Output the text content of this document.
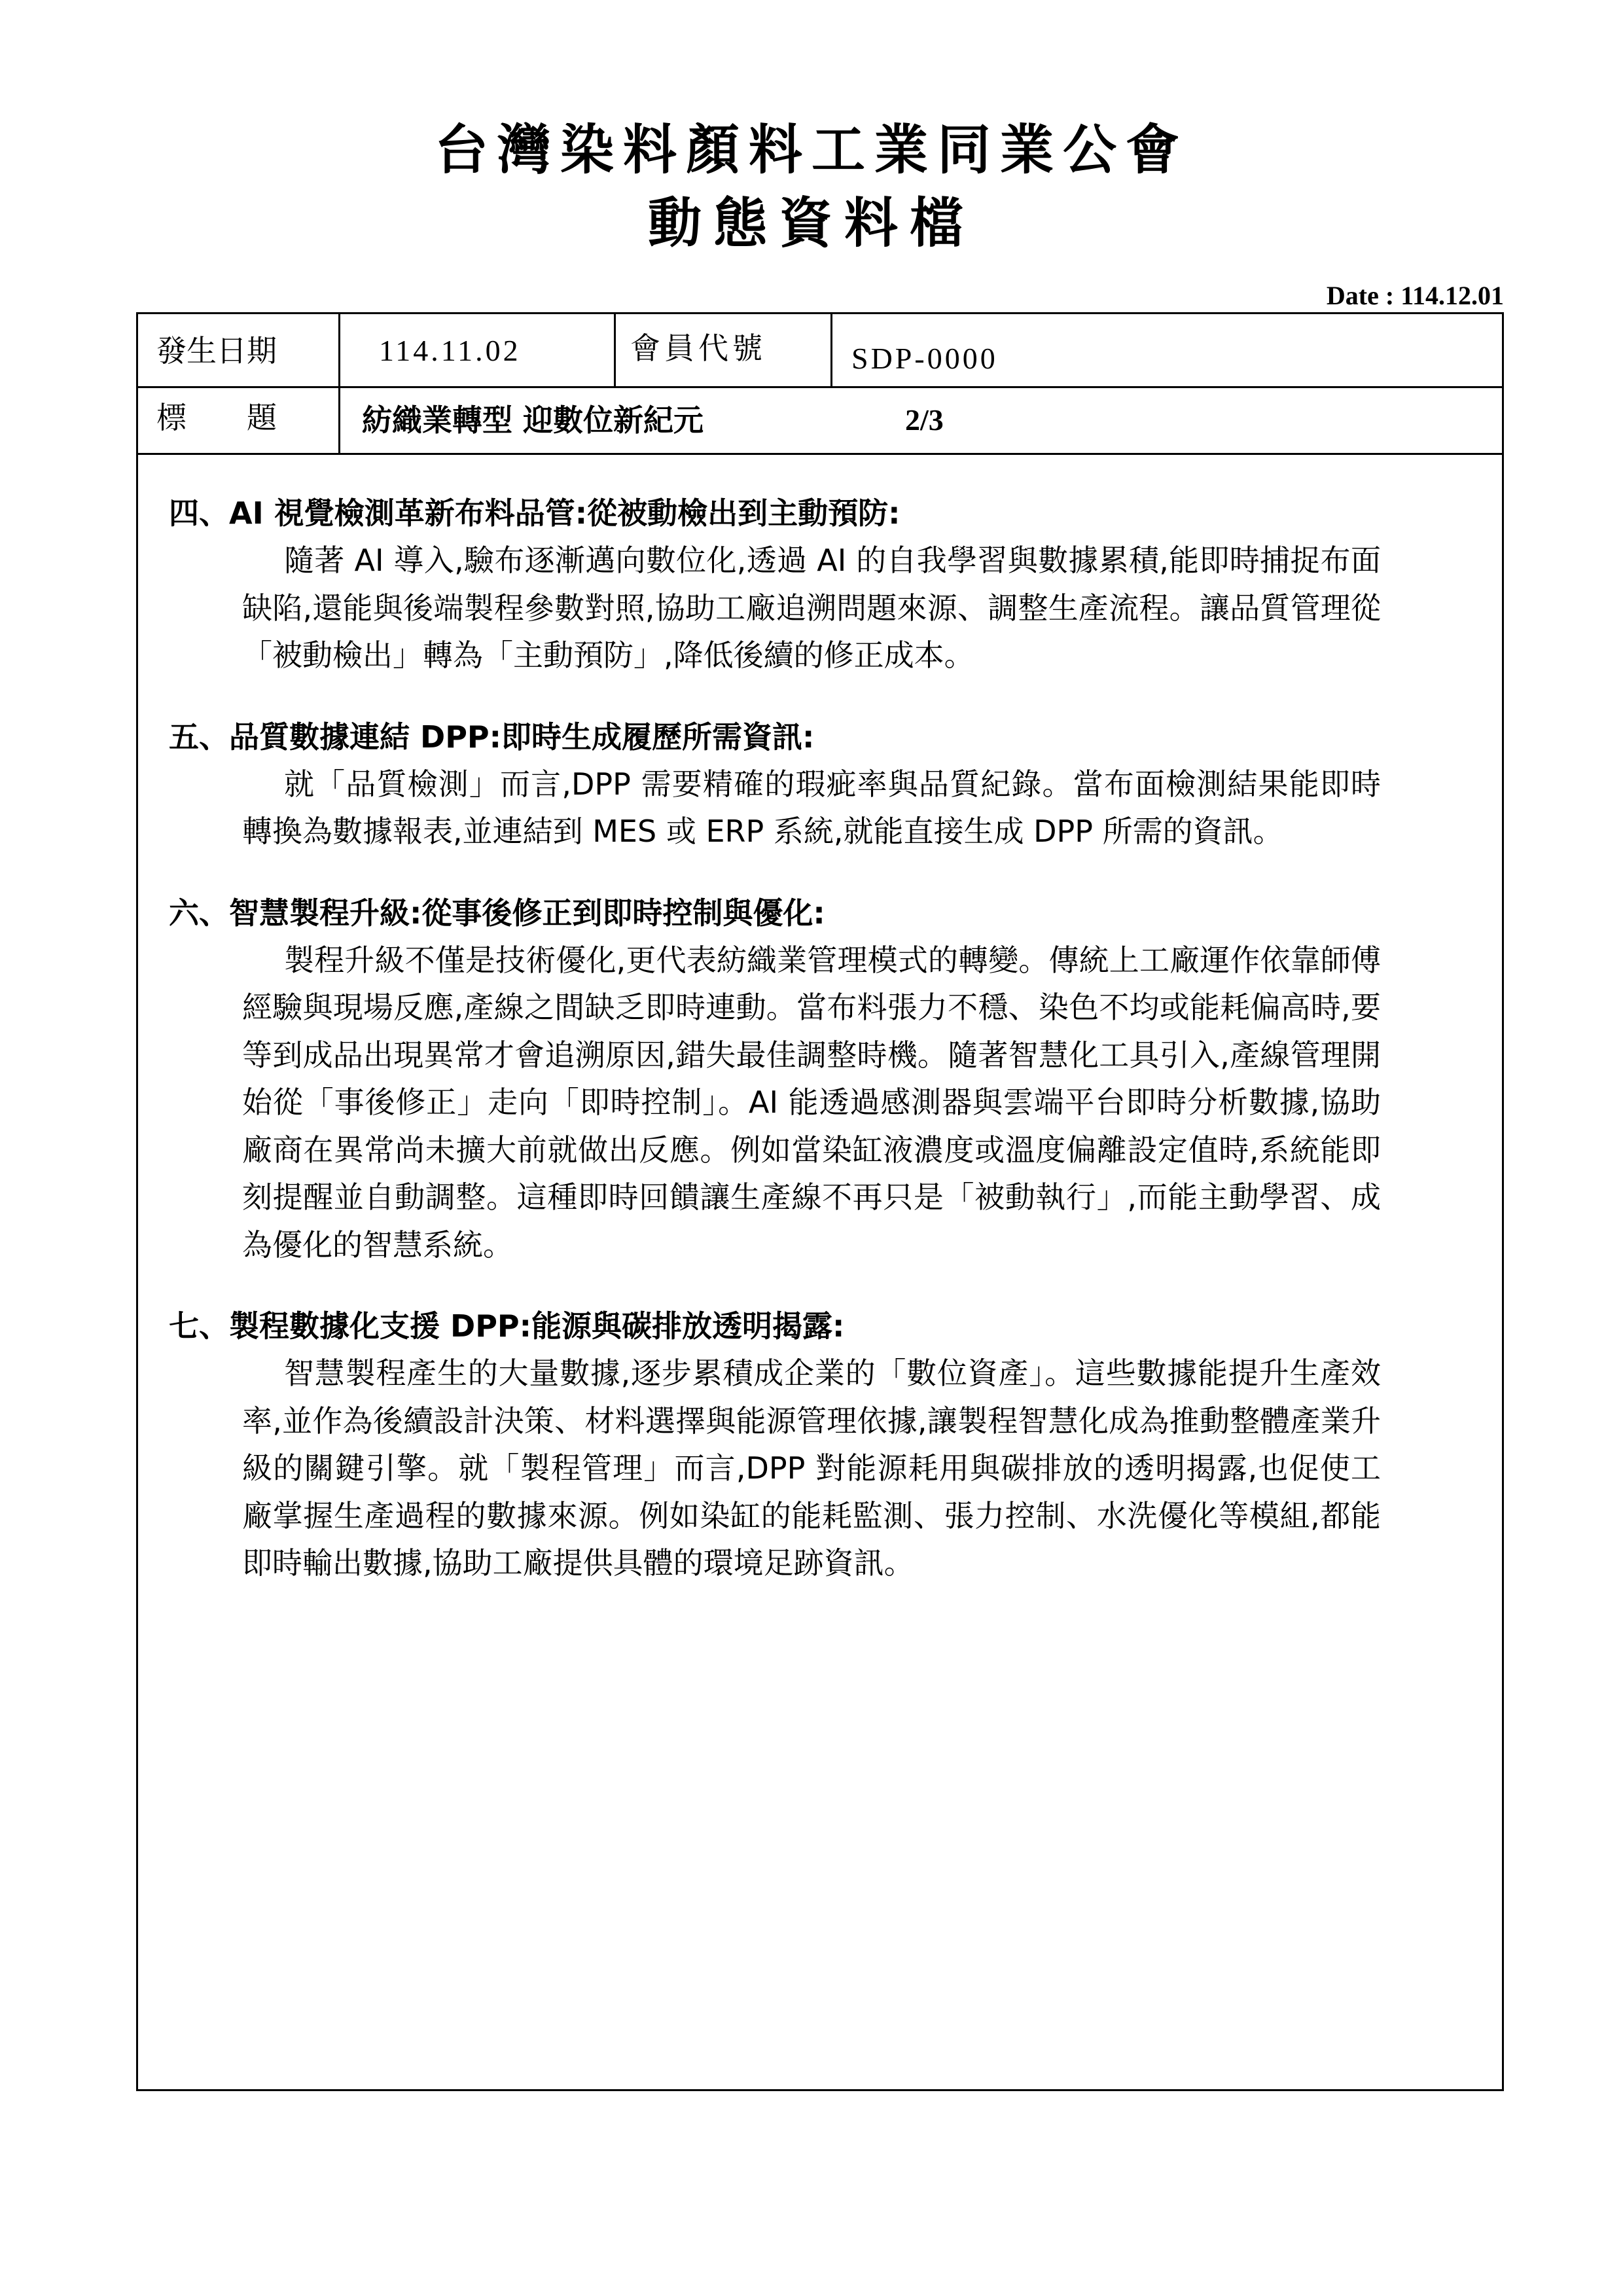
台灣染料顏料工業同業公會
動態資料檔
Date : 114.12.01
發生日期	114.11.02	會員代號	SDP-0000
標　　題	紡織業轉型 迎數位新紀元	2/3
四、AI 視覺檢測革新布料品管:從被動檢出到主動預防:
隨著 AI 導入,驗布逐漸邁向數位化,透過 AI 的自我學習與數據累積,能即時捕捉布面缺陷,還能與後端製程參數對照,協助工廠追溯問題來源、調整生產流程。讓品質管理從「被動檢出」轉為「主動預防」,降低後續的修正成本。
五、品質數據連結 DPP:即時生成履歷所需資訊:
就「品質檢測」而言,DPP 需要精確的瑕疵率與品質紀錄。當布面檢測結果能即時轉換為數據報表,並連結到 MES 或 ERP 系統,就能直接生成 DPP 所需的資訊。
六、智慧製程升級:從事後修正到即時控制與優化:
製程升級不僅是技術優化,更代表紡織業管理模式的轉變。傳統上工廠運作依靠師傅經驗與現場反應,產線之間缺乏即時連動。當布料張力不穩、染色不均或能耗偏高時,要等到成品出現異常才會追溯原因,錯失最佳調整時機。隨著智慧化工具引入,產線管理開始從「事後修正」走向「即時控制」。AI 能透過感測器與雲端平台即時分析數據,協助廠商在異常尚未擴大前就做出反應。例如當染缸液濃度或溫度偏離設定值時,系統能即刻提醒並自動調整。這種即時回饋讓生產線不再只是「被動執行」,而能主動學習、成為優化的智慧系統。
七、製程數據化支援 DPP:能源與碳排放透明揭露:
智慧製程產生的大量數據,逐步累積成企業的「數位資產」。這些數據能提升生產效率,並作為後續設計決策、材料選擇與能源管理依據,讓製程智慧化成為推動整體產業升級的關鍵引擎。就「製程管理」而言,DPP 對能源耗用與碳排放的透明揭露,也促使工廠掌握生產過程的數據來源。例如染缸的能耗監測、張力控制、水洗優化等模組,都能即時輸出數據,協助工廠提供具體的環境足跡資訊。
